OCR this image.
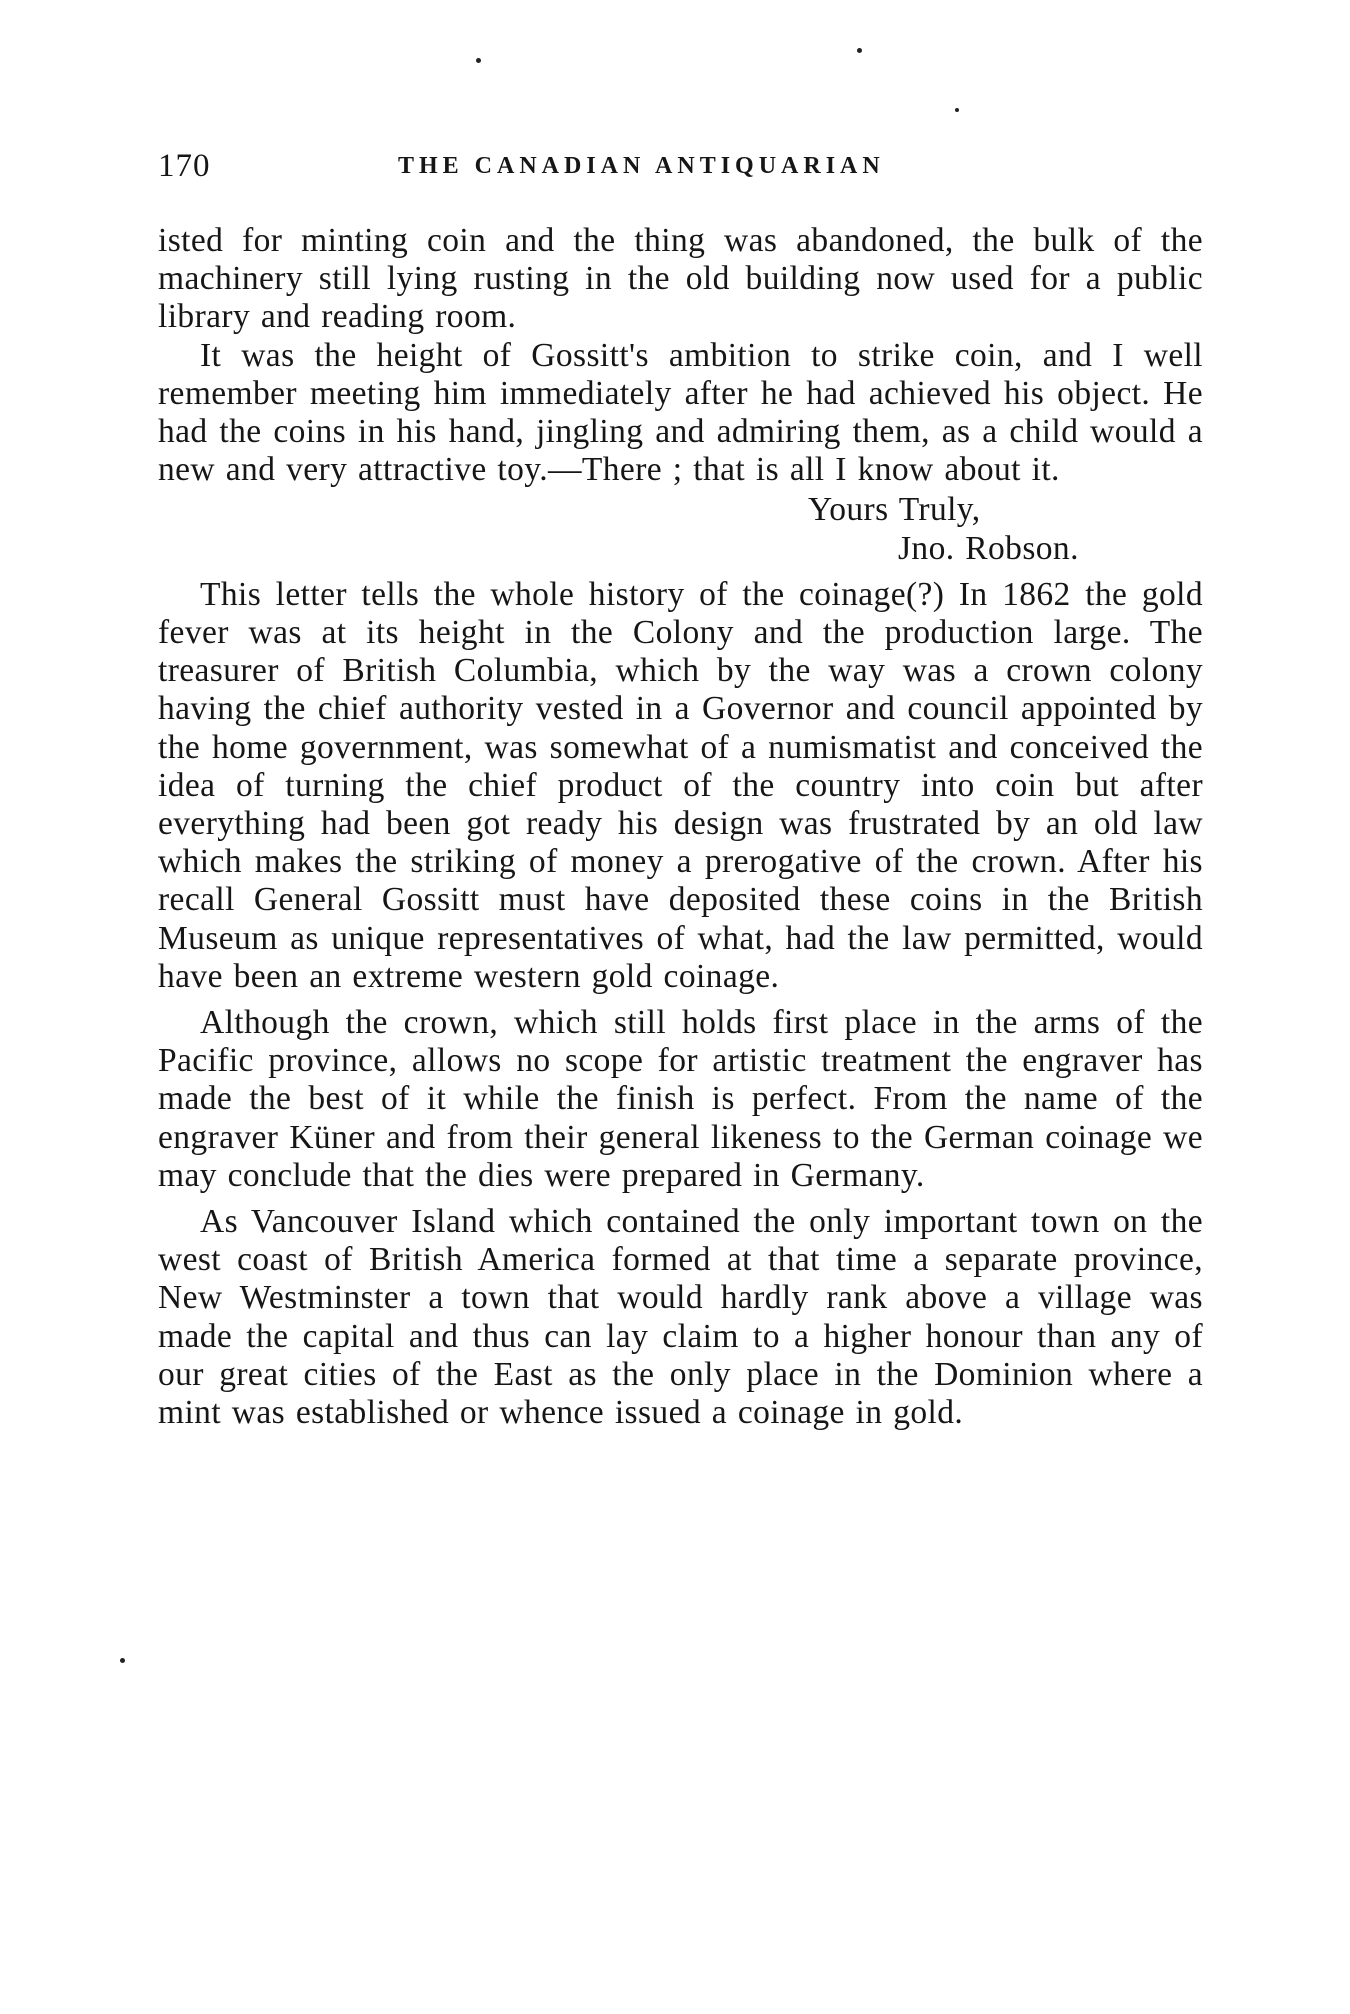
170	THE CANADIAN ANTIQUARIAN

isted for minting coin and the thing was abandoned, the bulk of the machinery still lying rusting in the old building now used for a public library and reading room.

It was the height of Gossitt's ambition to strike coin, and I well remember meeting him immediately after he had achieved his object. He had the coins in his hand, jingling and admiring them, as a child would a new and very attractive toy.—There ; that is all I know about it.

Yours Truly,
Jno. Robson.

This letter tells the whole history of the coinage(?) In 1862 the gold fever was at its height in the Colony and the production large. The treasurer of British Columbia, which by the way was a crown colony having the chief authority vested in a Governor and council appointed by the home government, was somewhat of a numismatist and conceived the idea of turning the chief product of the country into coin but after everything had been got ready his design was frustrated by an old law which makes the striking of money a prerogative of the crown. After his recall General Gossitt must have deposited these coins in the British Museum as unique representatives of what, had the law permitted, would have been an extreme western gold coinage.

Although the crown, which still holds first place in the arms of the Pacific province, allows no scope for artistic treatment the engraver has made the best of it while the finish is perfect. From the name of the engraver Küner and from their general likeness to the German coinage we may conclude that the dies were prepared in Germany.

As Vancouver Island which contained the only important town on the west coast of British America formed at that time a separate province, New Westminster a town that would hardly rank above a village was made the capital and thus can lay claim to a higher honour than any of our great cities of the East as the only place in the Dominion where a mint was established or whence issued a coinage in gold.
